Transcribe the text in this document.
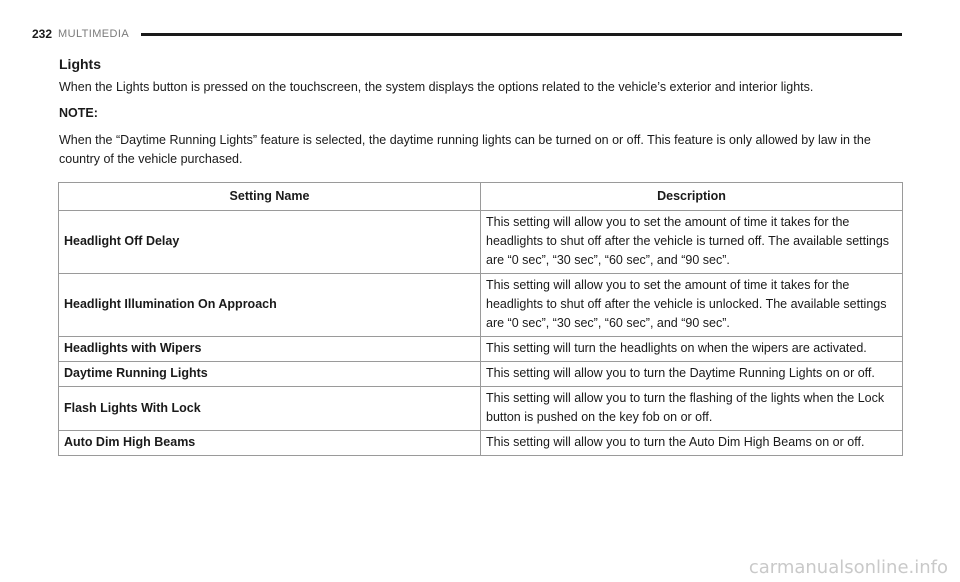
232 MULTIMEDIA
Lights
When the Lights button is pressed on the touchscreen, the system displays the options related to the vehicle’s exterior and interior lights.
NOTE:
When the “Daytime Running Lights” feature is selected, the daytime running lights can be turned on or off. This feature is only allowed by law in the country of the vehicle purchased.
Setting Name	Description
Headlight Off Delay	This setting will allow you to set the amount of time it takes for the headlights to shut off after the vehicle is turned off. The available settings are “0 sec”, “30 sec”, “60 sec”, and “90 sec”.
Headlight Illumination On Approach	This setting will allow you to set the amount of time it takes for the headlights to shut off after the vehicle is unlocked. The available settings are “0 sec”, “30 sec”, “60 sec”, and “90 sec”.
Headlights with Wipers	This setting will turn the headlights on when the wipers are activated.
Daytime Running Lights	This setting will allow you to turn the Daytime Running Lights on or off.
Flash Lights With Lock	This setting will allow you to turn the flashing of the lights when the Lock button is pushed on the key fob on or off.
Auto Dim High Beams	This setting will allow you to turn the Auto Dim High Beams on or off.
carmanualsonline.info
